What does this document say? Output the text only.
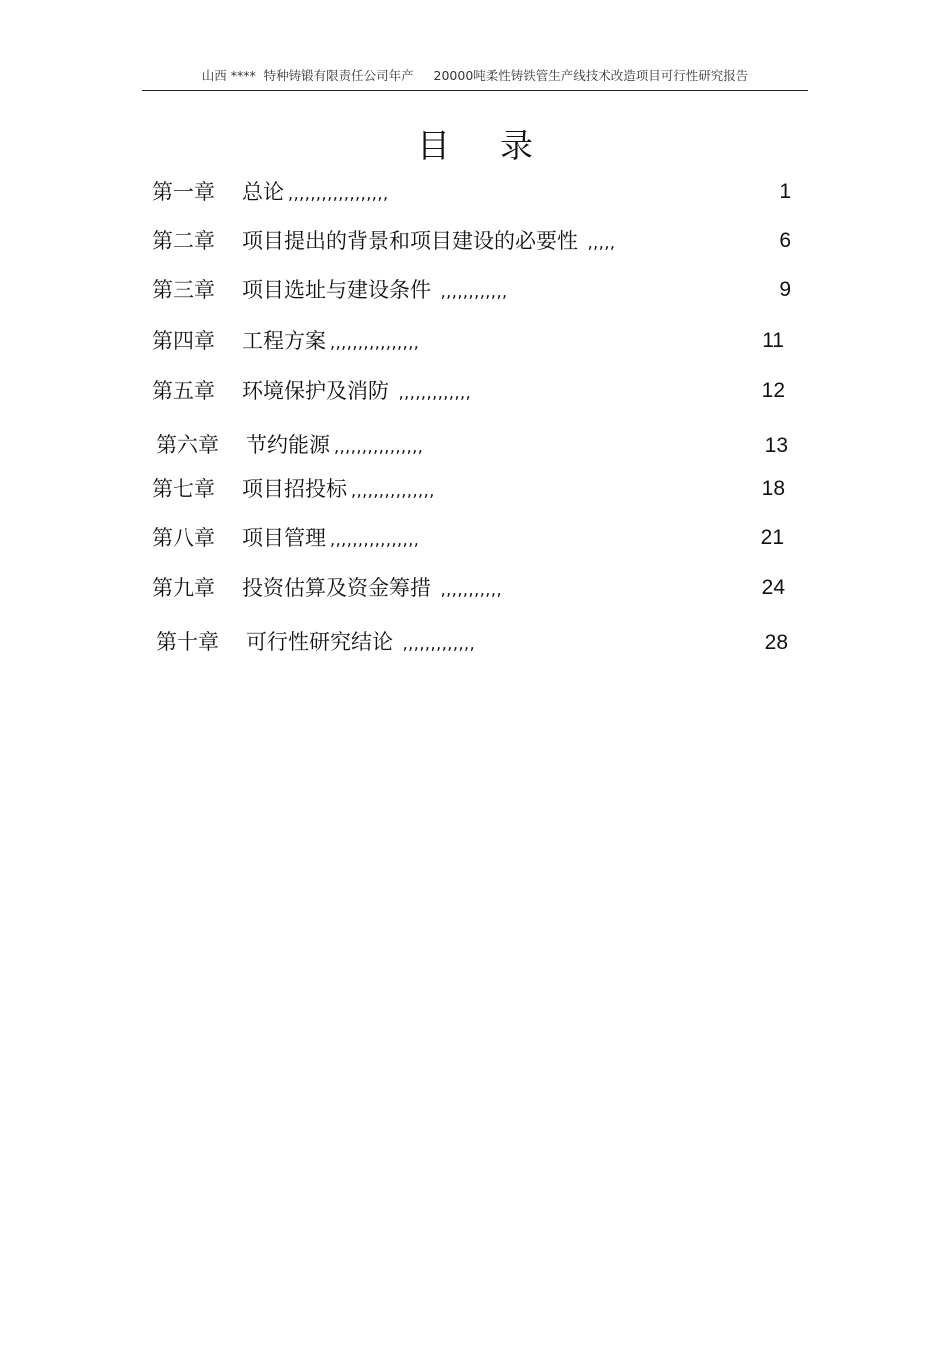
山西 ****  特种铸锻有限责任公司年产     20000吨柔性铸铁管生产线技术改造项目可行性研究报告
目录
第一章 总论 ,,,,,,,,,,,,,,,,,,	1
第二章 项目提出的背景和项目建设的必要性 ,,,,,	6
第三章 项目选址与建设条件 ,,,,,,,,,,,,	9
第四章 工程方案 ,,,,,,,,,,,,,,,,	11
第五章 环境保护及消防 ,,,,,,,,,,,,,	12
第六章 节约能源 ,,,,,,,,,,,,,,,,	13
第七章 项目招投标 ,,,,,,,,,,,,,,,	18
第八章 项目管理 ,,,,,,,,,,,,,,,,	21
第九章 投资估算及资金筹措 ,,,,,,,,,,,	24
第十章 可行性研究结论 ,,,,,,,,,,,,,	28
